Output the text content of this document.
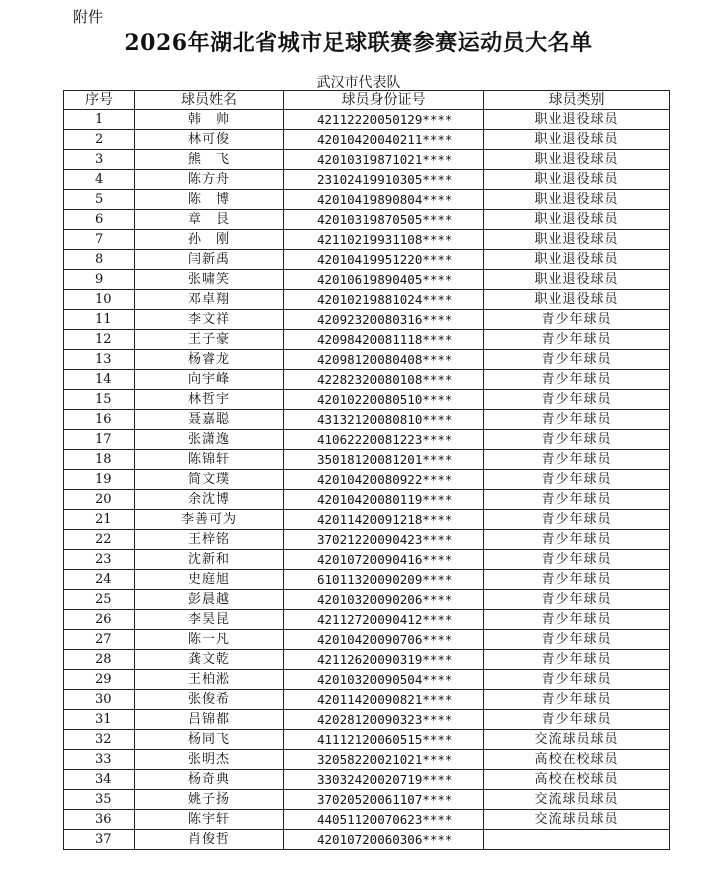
附件
2026年湖北省城市足球联赛参赛运动员大名单
武汉市代表队
序号	球员姓名	球员身份证号	球员类别
1	韩　帅	42112220050129****	职业退役球员
2	林可俊	42010420040211****	职业退役球员
3	熊　飞	42010319871021****	职业退役球员
4	陈方舟	23102419910305****	职业退役球员
5	陈　博	42010419890804****	职业退役球员
6	章　艮	42010319870505****	职业退役球员
7	孙　刚	42110219931108****	职业退役球员
8	闫新禹	42010419951220****	职业退役球员
9	张啸笑	42010619890405****	职业退役球员
10	邓卓翔	42010219881024****	职业退役球员
11	李文祥	42092320080316****	青少年球员
12	王子豪	42098420081118****	青少年球员
13	杨睿龙	42098120080408****	青少年球员
14	向宇峰	42282320080108****	青少年球员
15	林哲宇	42010220080510****	青少年球员
16	聂嘉聪	43132120080810****	青少年球员
17	张潇逸	41062220081223****	青少年球员
18	陈锦轩	35018120081201****	青少年球员
19	简文璞	42010420080922****	青少年球员
20	余沈博	42010420080119****	青少年球员
21	李善可为	42011420091218****	青少年球员
22	王梓铭	37021220090423****	青少年球员
23	沈新和	42010720090416****	青少年球员
24	史庭旭	61011320090209****	青少年球员
25	彭晨越	42010320090206****	青少年球员
26	李昊昆	42112720090412****	青少年球员
27	陈一凡	42010420090706****	青少年球员
28	龚文乾	42112620090319****	青少年球员
29	王柏淞	42010320090504****	青少年球员
30	张俊希	42011420090821****	青少年球员
31	吕锦都	42028120090323****	青少年球员
32	杨同飞	41112120060515****	交流球员球员
33	张明杰	32058220021021****	高校在校球员
34	杨奇典	33032420020719****	高校在校球员
35	姚子扬	37020520061107****	交流球员球员
36	陈宇轩	44051120070623****	交流球员球员
37	肖俊哲	42010720060306****	
